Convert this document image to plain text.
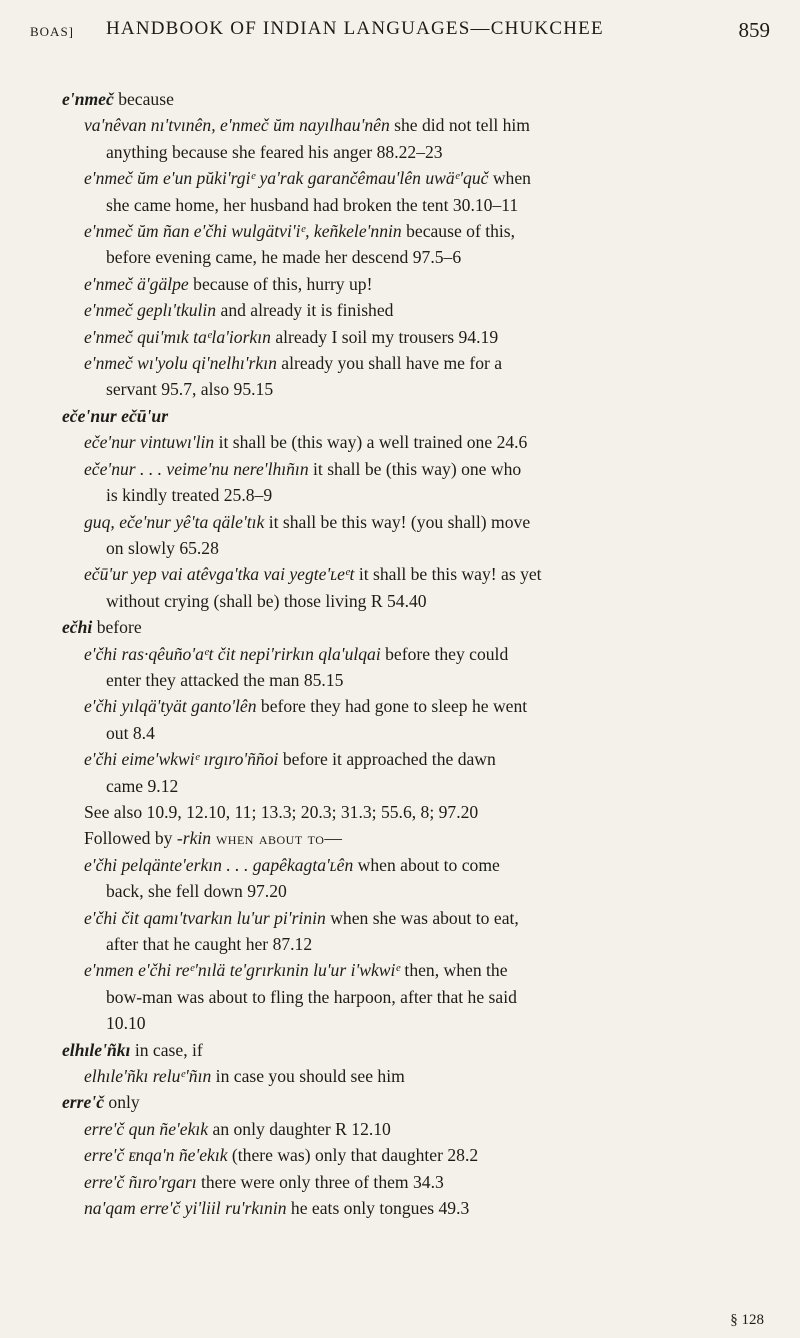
BOAS] HANDBOOK OF INDIAN LANGUAGES—CHUKCHEE	859
e'nmeč because
va'nêvan nı'tvınên, e'nmeč ŭm nayılhau'nên she did not tell him
anything because she feared his anger 88.22–23
e'nmeč ŭm e'un pŭki'rgiᵉ ya'rak garančêmau'lên uwäᵉ'quč when
she came home, her husband had broken the tent 30.10–11
e'nmeč ŭm ñan e'čhi wulgätvi'iᵉ, keñkele'nnin because of this,
before evening came, he made her descend 97.5–6
e'nmeč ä'gälpe because of this, hurry up!
e'nmeč geplı'tkulin and already it is finished
e'nmeč qui'mık taᵉla'iorkın already I soil my trousers 94.19
e'nmeč wı'yolu qi'nelhı'rkın already you shall have me for a
servant 95.7, also 95.15
eče'nur ečū'ur
eče'nur vintuwı'lin it shall be (this way) a well trained one 24.6
eče'nur . . . veime'nu nere'lhıñın it shall be (this way) one who
is kindly treated 25.8–9
guq, eče'nur yê'ta qäle'tık it shall be this way! (you shall) move
on slowly 65.28
ečū'ur yep vai atêvga'tka vai yegte'ʟeᵉt it shall be this way! as yet
without crying (shall be) those living R 54.40
ečhi before
e'čhi ras·qêuño'aᵉt čit nepi'rirkın qla'ulqai before they could
enter they attacked the man 85.15
e'čhi yılqä'tyät ganto'lên before they had gone to sleep he went
out 8.4
e'čhi eime'wkwiᵉ ırgıro'ññoi before it approached the dawn
came 9.12
See also 10.9, 12.10, 11; 13.3; 20.3; 31.3; 55.6, 8; 97.20
Followed by -rkin when about to—
e'čhi pelqänte'erkın . . . gapêkagta'ʟên when about to come
back, she fell down 97.20
e'čhi čit qamı'tvarkın lu'ur pi'rinin when she was about to eat,
after that he caught her 87.12
e'nmen e'čhi reᵉ'nılä te'grırkınin lu'ur i'wkwiᵉ then, when the
bow-man was about to fling the harpoon, after that he said
10.10
elhıle'ñkı in case, if
elhıle'ñkı reluᵉ'ñın in case you should see him
erre'č only
erre'č qun ñe'ekık an only daughter R 12.10
erre'č ᴇnqa'n ñe'ekık (there was) only that daughter 28.2
erre'č ñıro'rgarı there were only three of them 34.3
na'qam erre'č yi'liil ru'rkınin he eats only tongues 49.3
§ 128
